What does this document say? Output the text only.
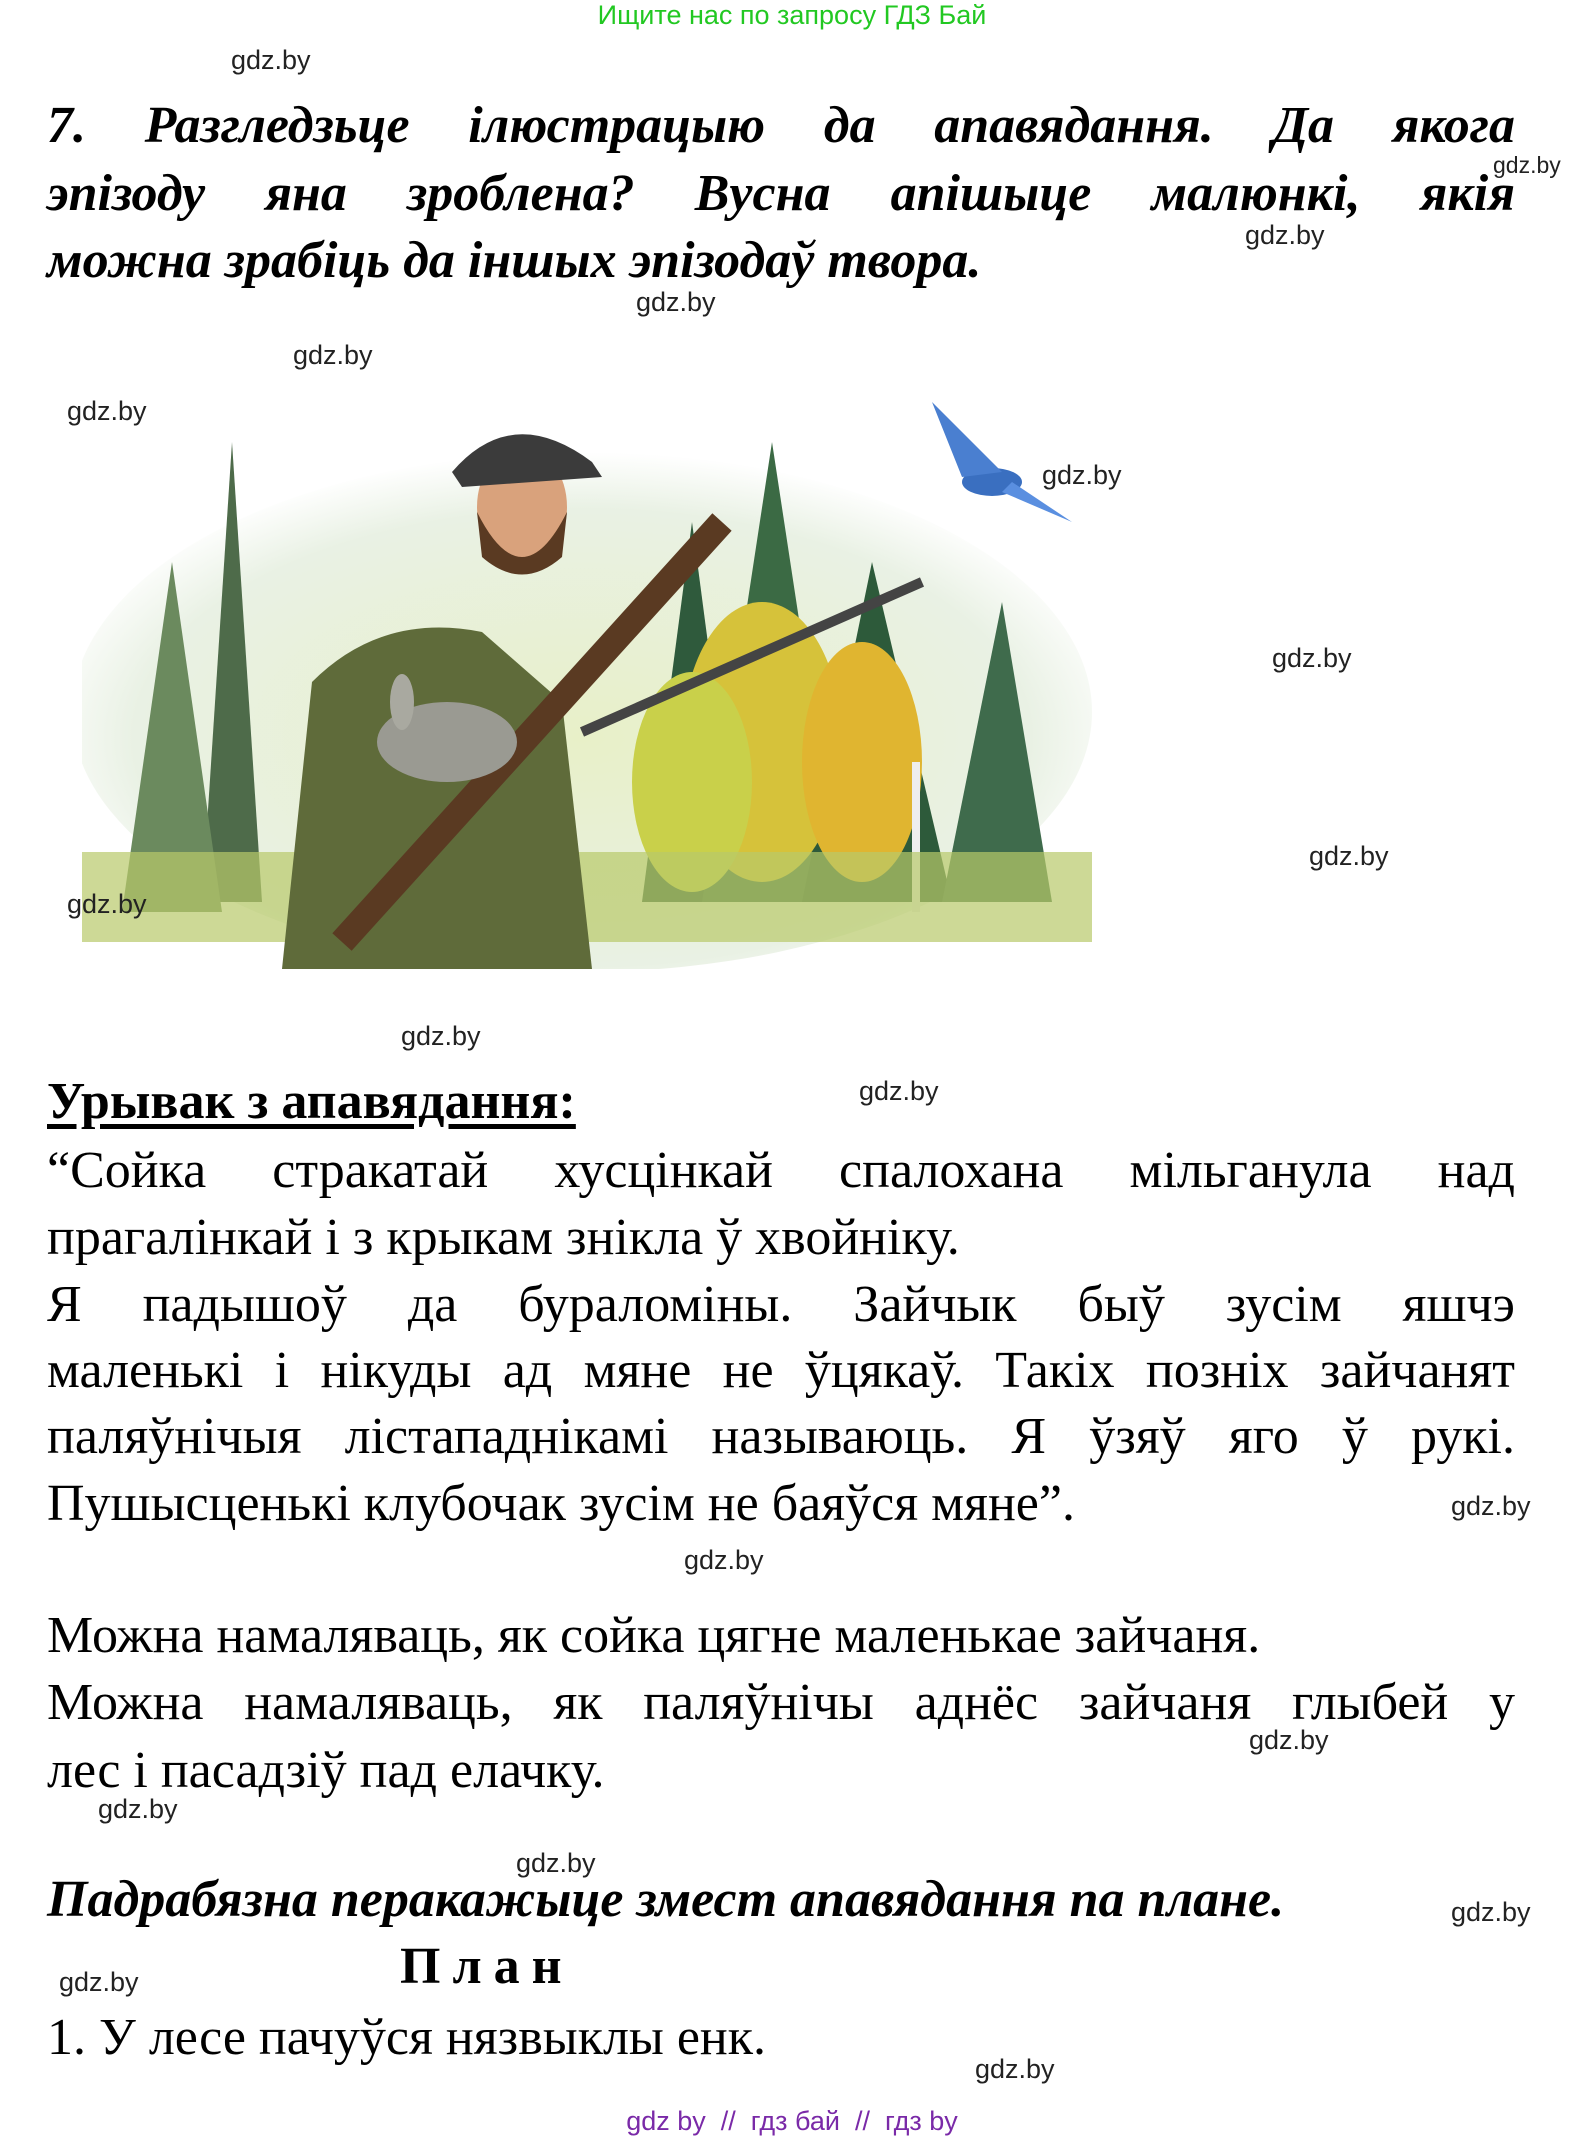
Ищите нас по запросу ГДЗ Бай
7. Разгледзьце ілюстрацыю да апавядання. Да якога
эпізоду яна зроблена? Вусна апішыце малюнкі, якія
можна зрабіць да іншых эпізодаў твора.
Урывак з апавядання:
“Сойка стракатай хусцінкай спалохана мільганула над
прагалінкай і з крыкам знікла ў хвойніку.
Я падышоў да бураломіны. Зайчык быў зусім яшчэ
маленькі і нікуды ад мяне не ўцякаў. Такіх позніх зайчанят
паляўнічыя лістападнікамі называюць. Я ўзяў яго ў рукі.
Пушысценькі клубочак зусім не баяўся мяне”.
Можна намаляваць, як сойка цягне маленькае зайчаня.
Можна намаляваць, як паляўнічы аднёс зайчаня глыбей у
лес і пасадзіў пад елачку.
Падрабязна перакажыце змест апавядання па плане.
План
1. У лесе пачуўся нязвыклы енк.
gdz.by
gdz.by
gdz.by
gdz.by
gdz.by
gdz.by
gdz.by
gdz.by
gdz.by
gdz.by
gdz.by
gdz.by
gdz.by
gdz.by
gdz.by
gdz.by
gdz.by
gdz.by
gdz.by
gdz.by
gdz by  //  гдз бай  //  гдз by
